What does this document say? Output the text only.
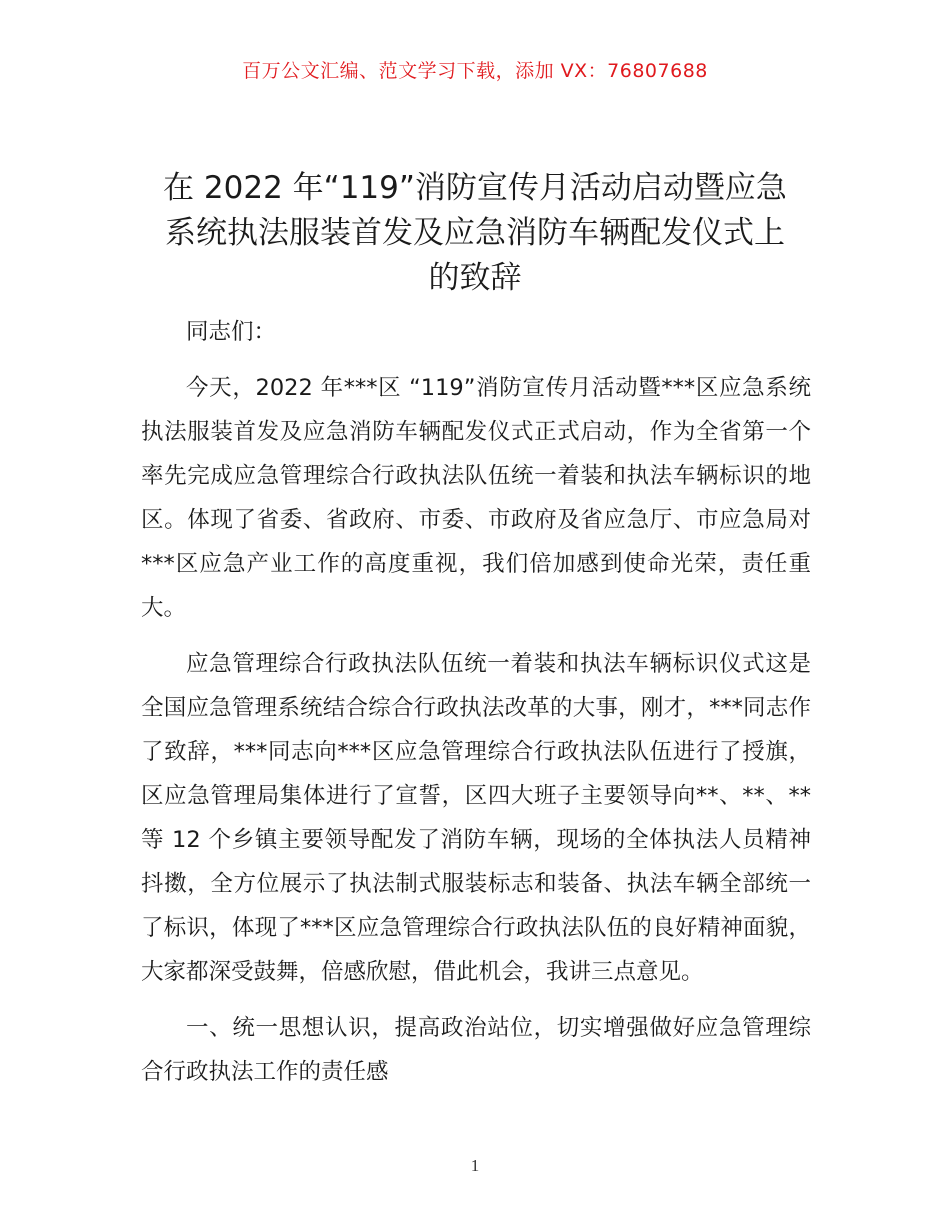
百万公文汇编、范文学习下载，添加 VX：76807688
在 2022 年“119”消防宣传月活动启动暨应急
系统执法服装首发及应急消防车辆配发仪式上
的致辞

同志们：

今天，2022 年***区 “119”消防宣传月活动暨***区应急系统执法服装首发及应急消防车辆配发仪式正式启动，作为全省第一个率先完成应急管理综合行政执法队伍统一着装和执法车辆标识的地区。体现了省委、省政府、市委、市政府及省应急厅、市应急局对***区应急产业工作的高度重视，我们倍加感到使命光荣，责任重大。

应急管理综合行政执法队伍统一着装和执法车辆标识仪式这是全国应急管理系统结合综合行政执法改革的大事，刚才，***同志作了致辞，***同志向***区应急管理综合行政执法队伍进行了授旗，区应急管理局集体进行了宣誓，区四大班子主要领导向**、**、**等 12 个乡镇主要领导配发了消防车辆，现场的全体执法人员精神抖擞，全方位展示了执法制式服装标志和装备、执法车辆全部统一了标识，体现了***区应急管理综合行政执法队伍的良好精神面貌，大家都深受鼓舞，倍感欣慰，借此机会，我讲三点意见。

一、统一思想认识，提高政治站位，切实增强做好应急管理综合行政执法工作的责任感

1
